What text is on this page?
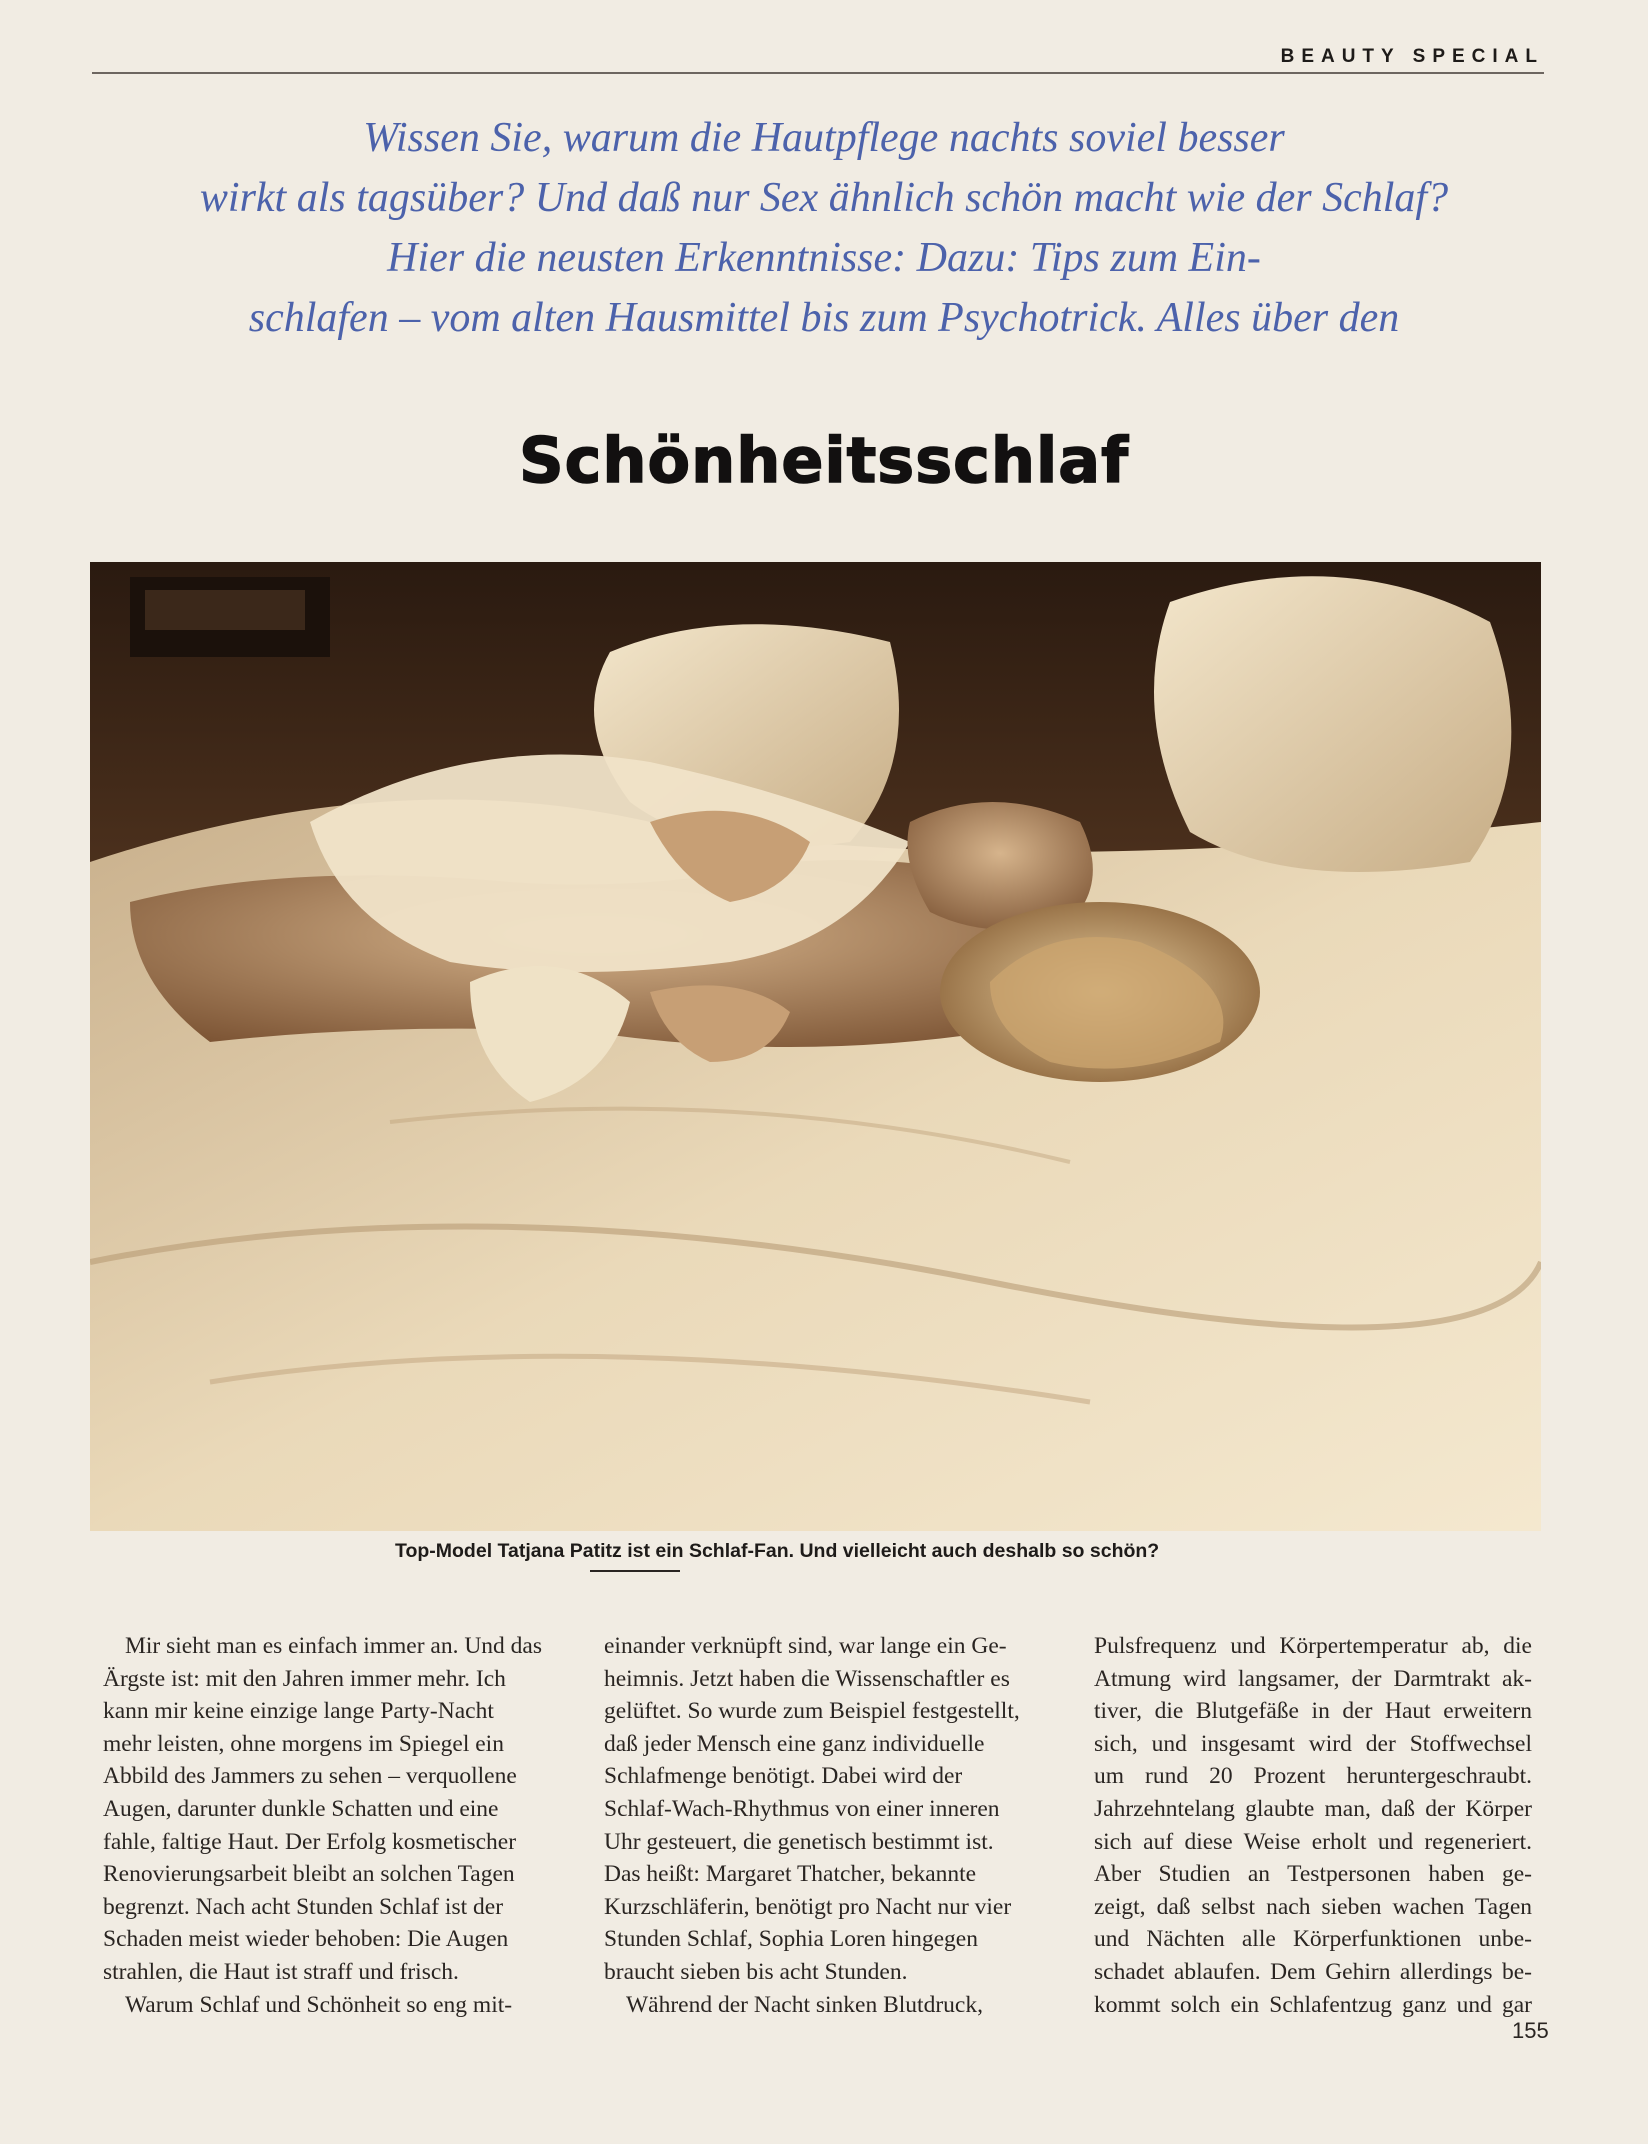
BEAUTY SPECIAL
Wissen Sie, warum die Hautpflege nachts soviel besser
wirkt als tagsüber? Und daß nur Sex ähnlich schön macht wie der Schlaf?
Hier die neusten Erkenntnisse: Dazu: Tips zum Ein-
schlafen – vom alten Hausmittel bis zum Psychotrick. Alles über den
Schönheitsschlaf
Top-Model Tatjana Patitz ist ein Schlaf-Fan. Und vielleicht auch deshalb so schön?

Mir sieht man es einfach immer an. Und das
Ärgste ist: mit den Jahren immer mehr. Ich
kann mir keine einzige lange Party-Nacht
mehr leisten, ohne morgens im Spiegel ein
Abbild des Jammers zu sehen – verquollene
Augen, darunter dunkle Schatten und eine
fahle, faltige Haut. Der Erfolg kosmetischer
Renovierungsarbeit bleibt an solchen Tagen
begrenzt. Nach acht Stunden Schlaf ist der
Schaden meist wieder behoben: Die Augen
strahlen, die Haut ist straff und frisch.

Warum Schlaf und Schönheit so eng mit-

einander verknüpft sind, war lange ein Ge-
heimnis. Jetzt haben die Wissenschaftler es
gelüftet. So wurde zum Beispiel festgestellt,
daß jeder Mensch eine ganz individuelle
Schlafmenge benötigt. Dabei wird der
Schlaf-Wach-Rhythmus von einer inneren
Uhr gesteuert, die genetisch bestimmt ist.
Das heißt: Margaret Thatcher, bekannte
Kurzschläferin, benötigt pro Nacht nur vier
Stunden Schlaf, Sophia Loren hingegen
braucht sieben bis acht Stunden.

Während der Nacht sinken Blutdruck,

Pulsfrequenz und Körpertemperatur ab, die
Atmung wird langsamer, der Darmtrakt ak-
tiver, die Blutgefäße in der Haut erweitern
sich, und insgesamt wird der Stoffwechsel
um rund 20 Prozent heruntergeschraubt.
Jahrzehntelang glaubte man, daß der Körper
sich auf diese Weise erholt und regeneriert.
Aber Studien an Testpersonen haben ge-
zeigt, daß selbst nach sieben wachen Tagen
und Nächten alle Körperfunktionen unbe-
schadet ablaufen. Dem Gehirn allerdings be-
kommt solch ein Schlafentzug ganz und gar

155
